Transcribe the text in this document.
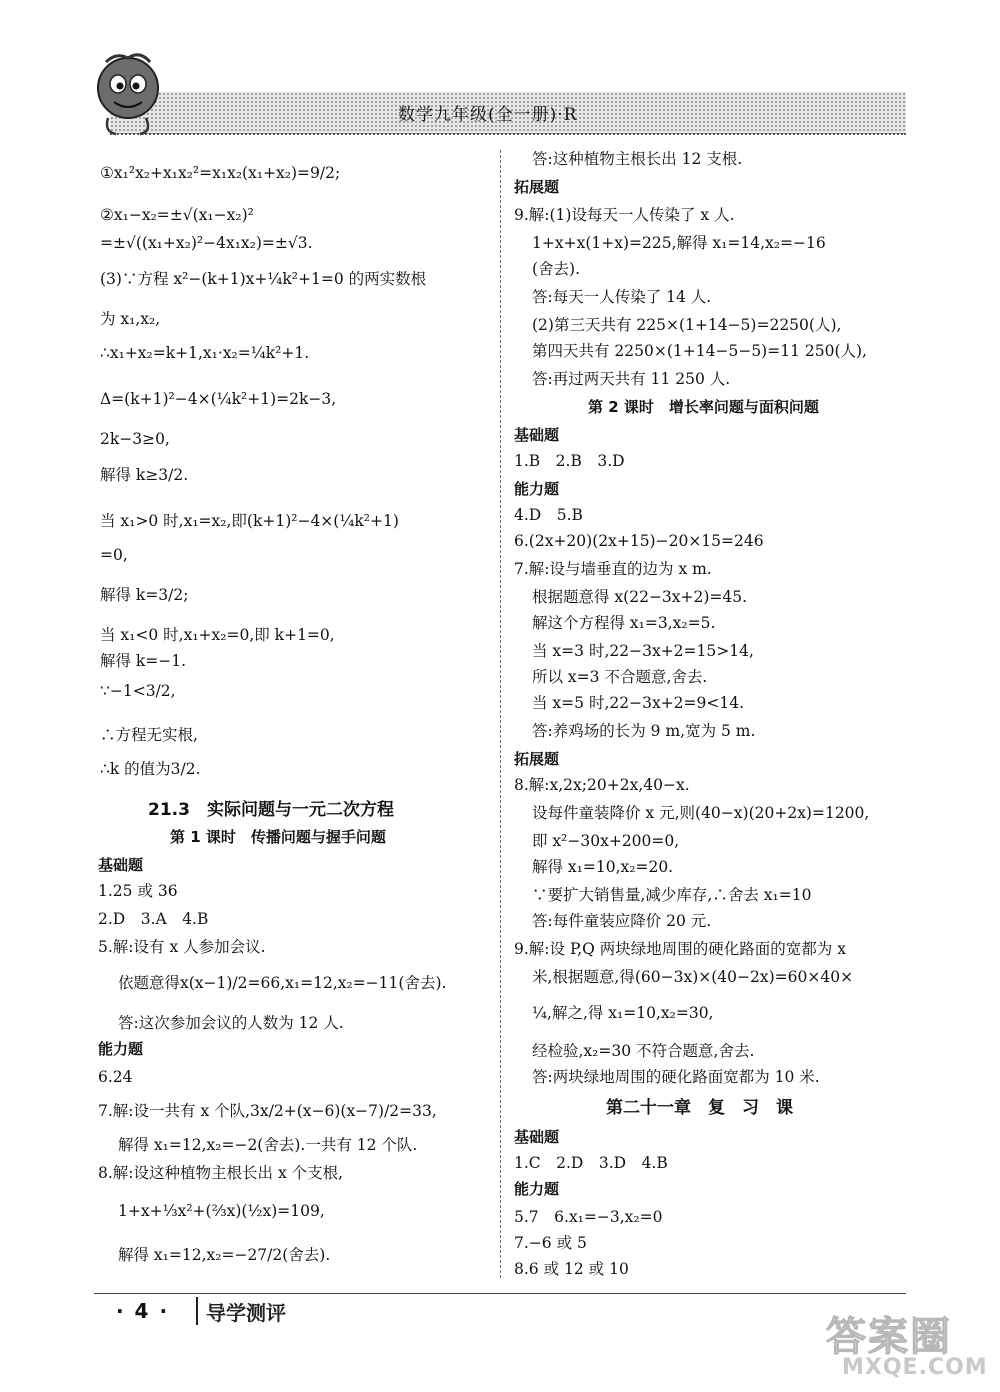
数学九年级(全一册)·R
①x₁²x₂+x₁x₂²=x₁x₂(x₁+x₂)=9/2;
②x₁−x₂=±√(x₁−x₂)²
=±√((x₁+x₂)²−4x₁x₂)=±√3.
(3)∵方程 x²−(k+1)x+¼k²+1=0 的两实数根
为 x₁,x₂,
∴x₁+x₂=k+1,x₁·x₂=¼k²+1.
Δ=(k+1)²−4×(¼k²+1)=2k−3,
2k−3≥0,
解得 k≥3/2.
当 x₁>0 时,x₁=x₂,即(k+1)²−4×(¼k²+1)
=0,
解得 k=3/2;
当 x₁<0 时,x₁+x₂=0,即 k+1=0,
解得 k=−1.
∵−1<3/2,
∴方程无实根,
∴k 的值为3/2.
21.3　实际问题与一元二次方程
第 1 课时　传播问题与握手问题
基础题
1.25 或 36
2.D　3.A　4.B
5.解:设有 x 人参加会议.
依题意得x(x−1)/2=66,x₁=12,x₂=−11(舍去).
答:这次参加会议的人数为 12 人.
能力题
6.24
7.解:设一共有 x 个队,3x/2+(x−6)(x−7)/2=33,
解得 x₁=12,x₂=−2(舍去).一共有 12 个队.
8.解:设这种植物主根长出 x 个支根,
1+x+⅓x²+(⅔x)(½x)=109,
解得 x₁=12,x₂=−27/2(舍去).
答:这种植物主根长出 12 支根.
拓展题
9.解:(1)设每天一人传染了 x 人.
1+x+x(1+x)=225,解得 x₁=14,x₂=−16
(舍去).
答:每天一人传染了 14 人.
(2)第三天共有 225×(1+14−5)=2250(人),
第四天共有 2250×(1+14−5−5)=11 250(人),
答:再过两天共有 11 250 人.
第 2 课时　增长率问题与面积问题
基础题
1.B　2.B　3.D
能力题
4.D　5.B
6.(2x+20)(2x+15)−20×15=246
7.解:设与墙垂直的边为 x m.
根据题意得 x(22−3x+2)=45.
解这个方程得 x₁=3,x₂=5.
当 x=3 时,22−3x+2=15>14,
所以 x=3 不合题意,舍去.
当 x=5 时,22−3x+2=9<14.
答:养鸡场的长为 9 m,宽为 5 m.
拓展题
8.解:x,2x;20+2x,40−x.
设每件童装降价 x 元,则(40−x)(20+2x)=1200,
即 x²−30x+200=0,
解得 x₁=10,x₂=20.
∵要扩大销售量,减少库存,∴舍去 x₁=10
答:每件童装应降价 20 元.
9.解:设 P,Q 两块绿地周围的硬化路面的宽都为 x
米,根据题意,得(60−3x)×(40−2x)=60×40×
¼,解之,得 x₁=10,x₂=30,
经检验,x₂=30 不符合题意,舍去.
答:两块绿地周围的硬化路面宽都为 10 米.
第二十一章　复　习　课
基础题
1.C　2.D　3.D　4.B
能力题
5.7　6.x₁=−3,x₂=0
7.−6 或 5
8.6 或 12 或 10
· 4 · 导学测评
答案圈
MXQE.COM
